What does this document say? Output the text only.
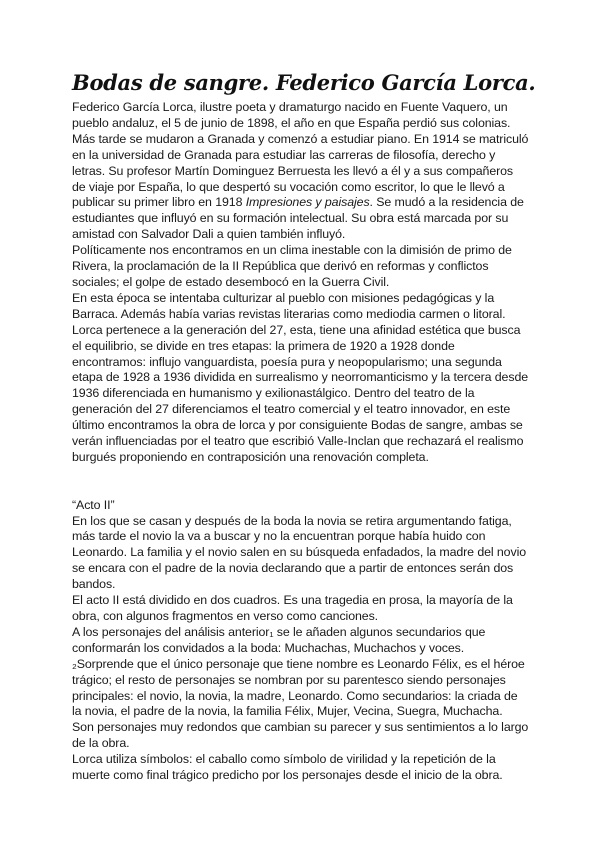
Bodas de sangre. Federico García Lorca.
Federico García Lorca, ilustre poeta y dramaturgo nacido en Fuente Vaquero, un
pueblo andaluz, el 5 de junio de 1898, el año en que España perdió sus colonias.
Más tarde se mudaron a Granada y comenzó a estudiar piano. En 1914 se matriculó
en la universidad de Granada para estudiar las carreras de filosofía, derecho y
letras. Su profesor Martín Dominguez Berruesta les llevó a él y a sus compañeros
de viaje por España, lo que despertó su vocación como escritor, lo que le llevó a
publicar su primer libro en 1918 Impresiones y paisajes. Se mudó a la residencia de
estudiantes que influyó en su formación intelectual. Su obra está marcada por su
amistad con Salvador Dali a quien también influyó.
Políticamente nos encontramos en un clima inestable con la dimisión de primo de
Rivera, la proclamación de la II República que derivó en reformas y conflictos
sociales; el golpe de estado desembocó en la Guerra Civil.
En esta época se intentaba culturizar al pueblo con misiones pedagógicas y la
Barraca. Además había varias revistas literarias como mediodia carmen o litoral.
Lorca pertenece a la generación del 27, esta, tiene una afinidad estética que busca
el equilibrio, se divide en tres etapas: la primera de 1920 a 1928 donde
encontramos: influjo vanguardista, poesía pura y neopopularismo; una segunda
etapa de 1928 a 1936 dividida en surrealismo y neorromanticismo y la tercera desde
1936 diferenciada en humanismo y exilionastálgico. Dentro del teatro de la
generación del 27 diferenciamos el teatro comercial y el teatro innovador, en este
último encontramos la obra de lorca y por consiguiente Bodas de sangre, ambas se
verán influenciadas por el teatro que escribió Valle-Inclan que rechazará el realismo
burgués proponiendo en contraposición una renovación completa.
“Acto II”
En los que se casan y después de la boda la novia se retira argumentando fatiga,
más tarde el novio la va a buscar y no la encuentran porque había huido con
Leonardo. La familia y el novio salen en su búsqueda enfadados, la madre del novio
se encara con el padre de la novia declarando que a partir de entonces serán dos
bandos.
El acto II está dividido en dos cuadros. Es una tragedia en prosa, la mayoría de la
obra, con algunos fragmentos en verso como canciones.
A los personajes del análisis anterior₁ se le añaden algunos secundarios que
conformarán los convidados a la boda: Muchachas, Muchachos y voces.
₂Sorprende que el único personaje que tiene nombre es Leonardo Félix, es el héroe
trágico; el resto de personajes se nombran por su parentesco siendo personajes
principales: el novio, la novia, la madre, Leonardo. Como secundarios: la criada de
la novia, el padre de la novia, la familia Félix, Mujer, Vecina, Suegra, Muchacha.
Son personajes muy redondos que cambian su parecer y sus sentimientos a lo largo
de la obra.
Lorca utiliza símbolos: el caballo como símbolo de virilidad y la repetición de la
muerte como final trágico predicho por los personajes desde el inicio de la obra.
